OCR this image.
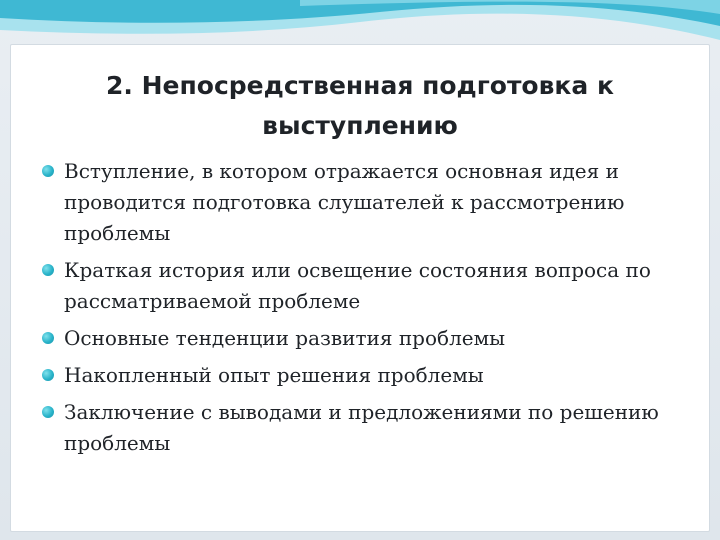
2. Непосредственная подготовка к выступлению
Вступление, в котором отражается основная идея и проводится подготовка слушателей к рассмотрению проблемы
Краткая история или освещение состояния вопроса по рассматриваемой проблеме
Основные тенденции развития проблемы
Накопленный опыт решения проблемы
Заключение с выводами и предложениями по решению проблемы
